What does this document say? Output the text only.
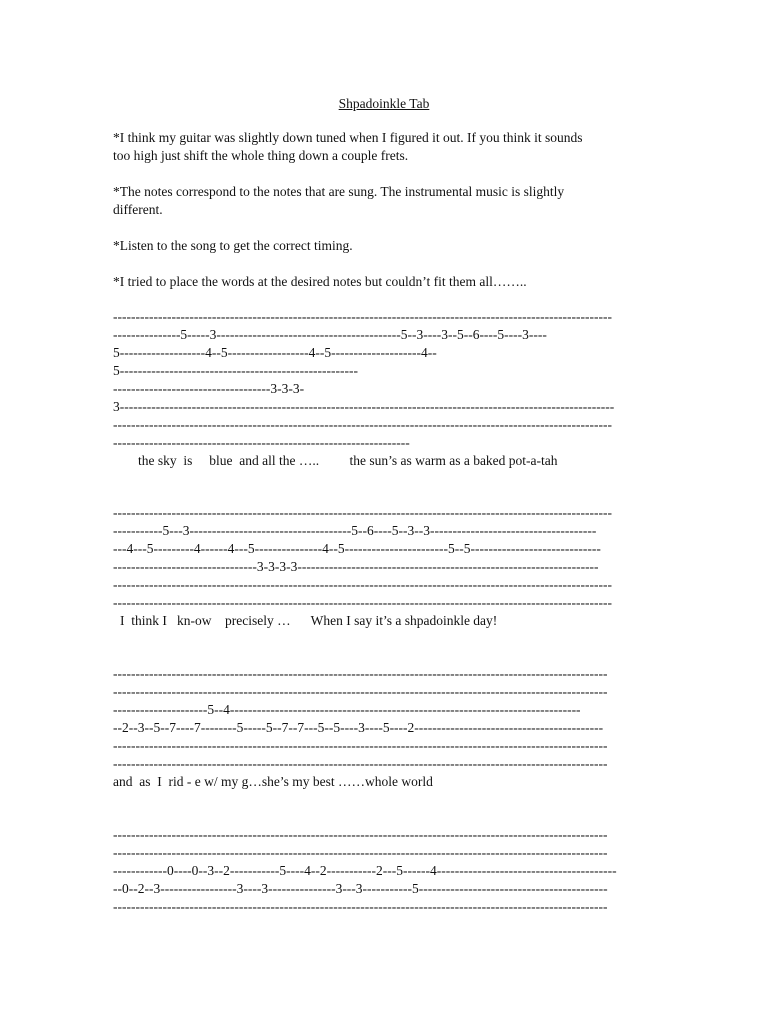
Shpadoinkle Tab
*I think my guitar was slightly down tuned when I figured it out. If you think it sounds
too high just shift the whole thing down a couple frets.
*The notes correspond to the notes that are sung. The instrumental music is slightly
different.
*Listen to the song to get the correct timing.
*I tried to place the words at the desired notes but couldn’t fit them all……..
---------------------------------------------------------------------------------------------------------------
---------------5-----3-----------------------------------------5--3----3--5--6----5----3----
5-------------------4--5------------------4--5--------------------4--
5-----------------------------------------------------
-----------------------------------3-3-3-
3--------------------------------------------------------------------------------------------------------------
---------------------------------------------------------------------------------------------------------------
------------------------------------------------------------------
the sky  is     blue  and all the …..         the sun’s as warm as a baked pot-a-tah
---------------------------------------------------------------------------------------------------------------
-----------5---3------------------------------------5--6----5--3--3-------------------------------------
---4---5---------4------4---5---------------4--5-----------------------5--5-----------------------------
--------------------------------3-3-3-3-------------------------------------------------------------------
---------------------------------------------------------------------------------------------------------------
---------------------------------------------------------------------------------------------------------------
I  think I   kn-ow    precisely …      When I say it’s a shpadoinkle day!
--------------------------------------------------------------------------------------------------------------
--------------------------------------------------------------------------------------------------------------
---------------------5--4------------------------------------------------------------------------------
--2--3--5--7----7--------5-----5--7--7---5--5----3----5----2------------------------------------------
--------------------------------------------------------------------------------------------------------------
--------------------------------------------------------------------------------------------------------------
and  as  I  rid - e w/ my g…she’s my best ……whole world
--------------------------------------------------------------------------------------------------------------
--------------------------------------------------------------------------------------------------------------
------------0----0--3--2-----------5----4--2-----------2---5------4----------------------------------------
--0--2--3-----------------3----3---------------3---3-----------5------------------------------------------
--------------------------------------------------------------------------------------------------------------
